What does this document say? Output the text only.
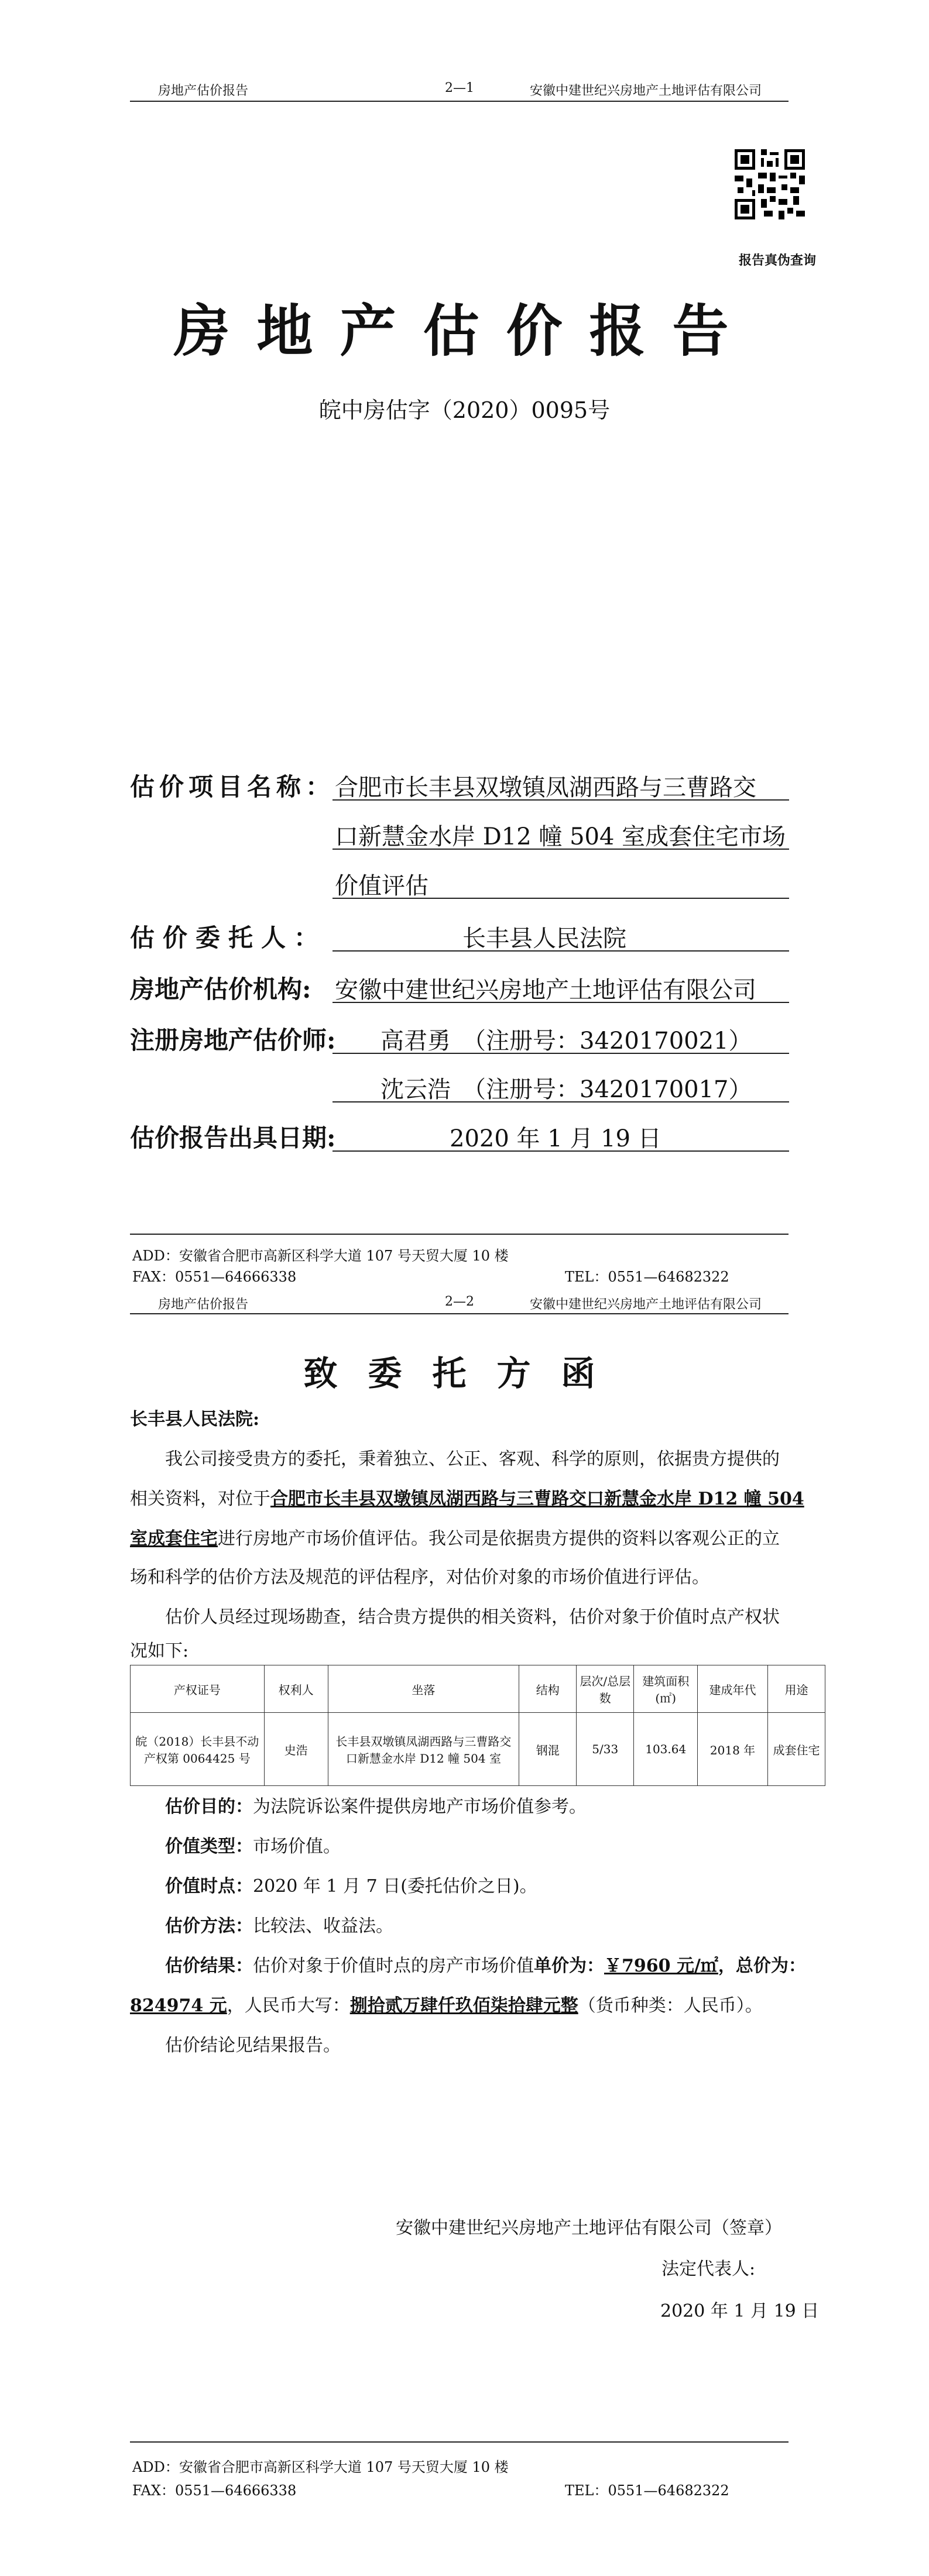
房地产估价报告	2—1	安徽中建世纪兴房地产土地评估有限公司
报告真伪查询
房地产估价报告
皖中房估字（2020）0095号
估价项目名称： 合肥市长丰县双墩镇凤湖西路与三曹路交
口新慧金水岸 D12 幢 504 室成套住宅市场
价值评估
估价委托人：	长丰县人民法院
房地产估价机构: 安徽中建世纪兴房地产土地评估有限公司
注册房地产估价师: 高君勇　（注册号：3420170021）
沈云浩　（注册号：3420170017）
估价报告出具日期:	2020 年 1 月 19 日
ADD：安徽省合肥市高新区科学大道 107 号天贸大厦 10 楼
FAX：0551—64666338	TEL：0551—64682322
房地产估价报告	2—2	安徽中建世纪兴房地产土地评估有限公司
致委托方函
长丰县人民法院:
我公司接受贵方的委托，秉着独立、公正、客观、科学的原则，依据贵方提供的
相关资料，对位于合肥市长丰县双墩镇凤湖西路与三曹路交口新慧金水岸 D12 幢 504
室成套住宅进行房地产市场价值评估。我公司是依据贵方提供的资料以客观公正的立
场和科学的估价方法及规范的评估程序，对估价对象的市场价值进行评估。
估价人员经过现场勘查，结合贵方提供的相关资料，估价对象于价值时点产权状
况如下:
产权证号	权利人	坐落	结构	层次/总层数	建筑面积(㎡)	建成年代	用途
皖（2018）长丰县不动产权第 0064425 号	史浩	长丰县双墩镇凤湖西路与三曹路交口新慧金水岸 D12 幢 504 室	钢混	5/33	103.64	2018 年	成套住宅
估价目的：为法院诉讼案件提供房地产市场价值参考。
价值类型：市场价值。
价值时点：2020 年 1 月 7 日(委托估价之日)。
估价方法：比较法、收益法。
估价结果：估价对象于价值时点的房产市场价值单价为：￥7960 元/㎡，总价为：
824974 元，人民币大写：捌拾贰万肆仟玖佰柒拾肆元整（货币种类：人民币）。
估价结论见结果报告。
安徽中建世纪兴房地产土地评估有限公司（签章）
法定代表人:
2020 年 1 月 19 日
ADD：安徽省合肥市高新区科学大道 107 号天贸大厦 10 楼
FAX：0551—64666338	TEL：0551—64682322
